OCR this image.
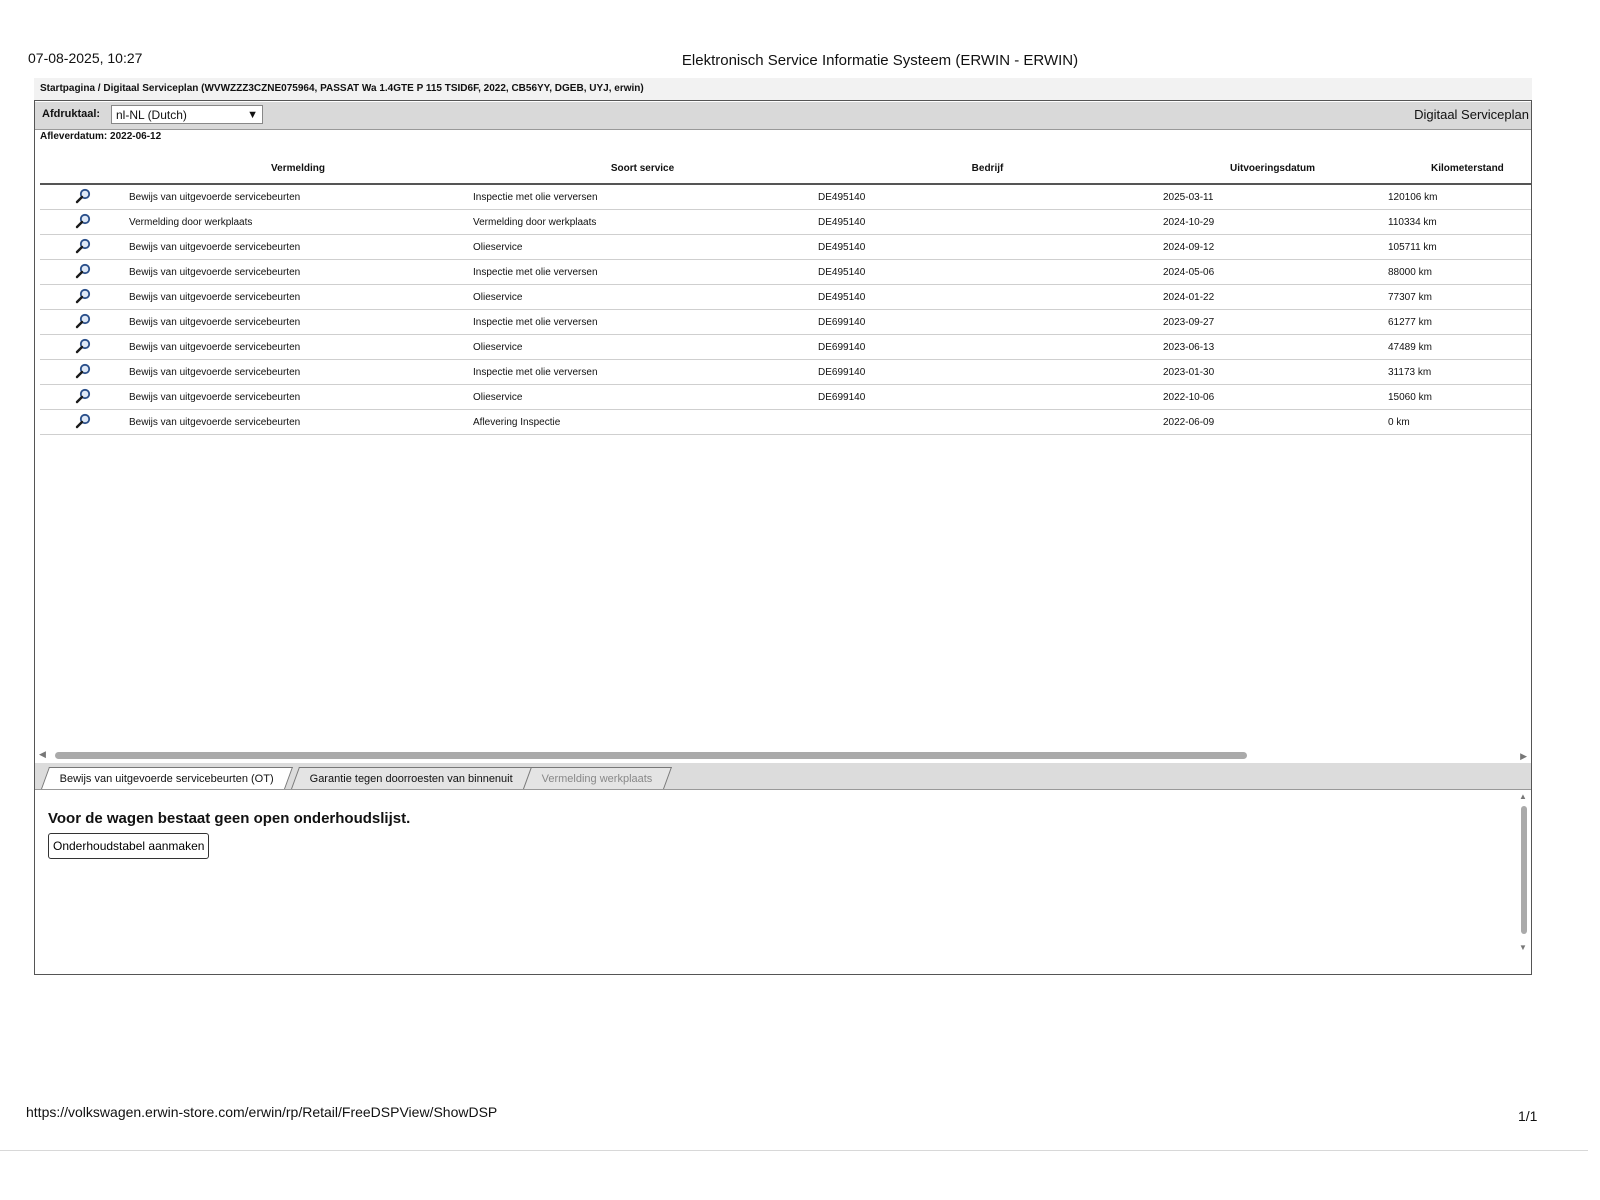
07-08-2025, 10:27	Elektronisch Service Informatie Systeem (ERWIN - ERWIN)
Startpagina / Digitaal Serviceplan (WVWZZZ3CZNE075964, PASSAT Wa 1.4GTE P 115 TSID6F, 2022, CB56YY, DGEB, UYJ, erwin)
Afdruktaal:	nl-NL (Dutch)	▼	Digitaal Serviceplan
Afleverdatum: 2022-06-12
	Vermelding	Soort service	Bedrijf	Uitvoeringsdatum	Kilometerstand
	Bewijs van uitgevoerde servicebeurten	Inspectie met olie verversen	DE495140	2025-03-11	120106 km
	Vermelding door werkplaats	Vermelding door werkplaats	DE495140	2024-10-29	110334 km
	Bewijs van uitgevoerde servicebeurten	Olieservice	DE495140	2024-09-12	105711 km
	Bewijs van uitgevoerde servicebeurten	Inspectie met olie verversen	DE495140	2024-05-06	88000 km
	Bewijs van uitgevoerde servicebeurten	Olieservice	DE495140	2024-01-22	77307 km
	Bewijs van uitgevoerde servicebeurten	Inspectie met olie verversen	DE699140	2023-09-27	61277 km
	Bewijs van uitgevoerde servicebeurten	Olieservice	DE699140	2023-06-13	47489 km
	Bewijs van uitgevoerde servicebeurten	Inspectie met olie verversen	DE699140	2023-01-30	31173 km
	Bewijs van uitgevoerde servicebeurten	Olieservice	DE699140	2022-10-06	15060 km
	Bewijs van uitgevoerde servicebeurten	Aflevering Inspectie		2022-06-09	0 km
◀	▶
Bewijs van uitgevoerde servicebeurten (OT)	Garantie tegen doorroesten van binnenuit	Vermelding werkplaats
Voor de wagen bestaat geen open onderhoudslijst.
Onderhoudstabel aanmaken
▲
▼
https://volkswagen.erwin-store.com/erwin/rp/Retail/FreeDSPView/ShowDSP	1/1
